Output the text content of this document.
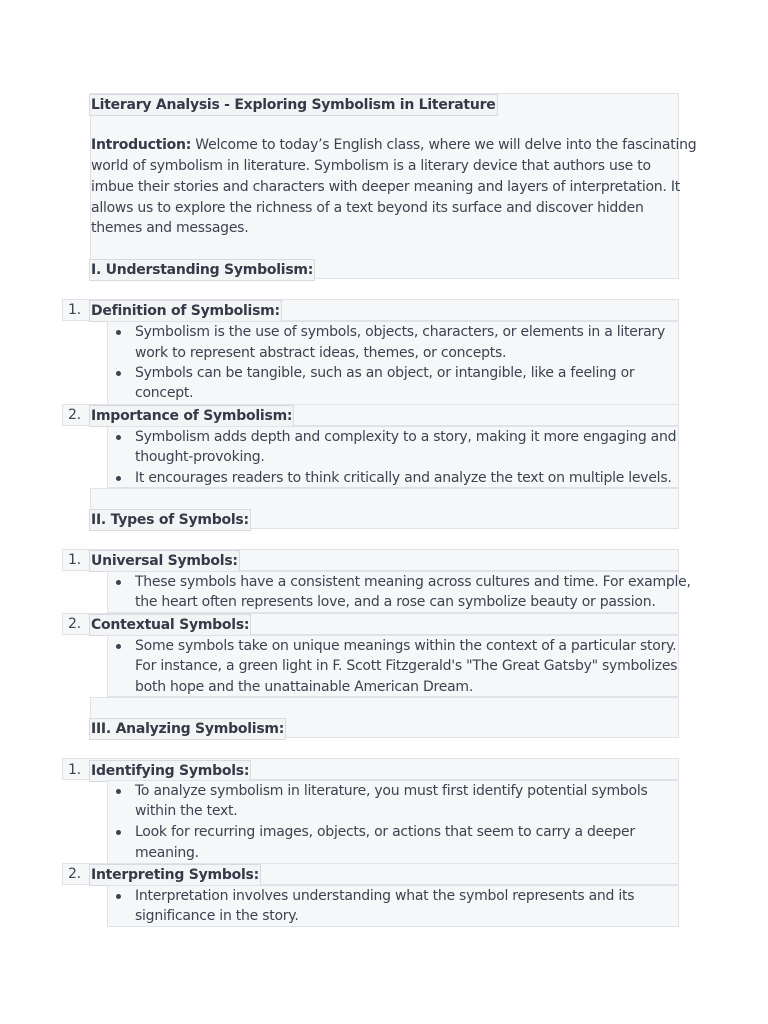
Literary Analysis - Exploring Symbolism in Literature
Introduction: Welcome to today’s English class, where we will delve into the fascinating
world of symbolism in literature. Symbolism is a literary device that authors use to
imbue their stories and characters with deeper meaning and layers of interpretation. It
allows us to explore the richness of a text beyond its surface and discover hidden
themes and messages.
I. Understanding Symbolism:
1. Definition of Symbolism:
Symbolism is the use of symbols, objects, characters, or elements in a literary
work to represent abstract ideas, themes, or concepts.
Symbols can be tangible, such as an object, or intangible, like a feeling or
concept.
2. Importance of Symbolism:
Symbolism adds depth and complexity to a story, making it more engaging and
thought-provoking.
It encourages readers to think critically and analyze the text on multiple levels.
II. Types of Symbols:
1. Universal Symbols:
These symbols have a consistent meaning across cultures and time. For example,
the heart often represents love, and a rose can symbolize beauty or passion.
2. Contextual Symbols:
Some symbols take on unique meanings within the context of a particular story.
For instance, a green light in F. Scott Fitzgerald's "The Great Gatsby" symbolizes
both hope and the unattainable American Dream.
III. Analyzing Symbolism:
1. Identifying Symbols:
To analyze symbolism in literature, you must first identify potential symbols
within the text.
Look for recurring images, objects, or actions that seem to carry a deeper
meaning.
2. Interpreting Symbols:
Interpretation involves understanding what the symbol represents and its
significance in the story.
